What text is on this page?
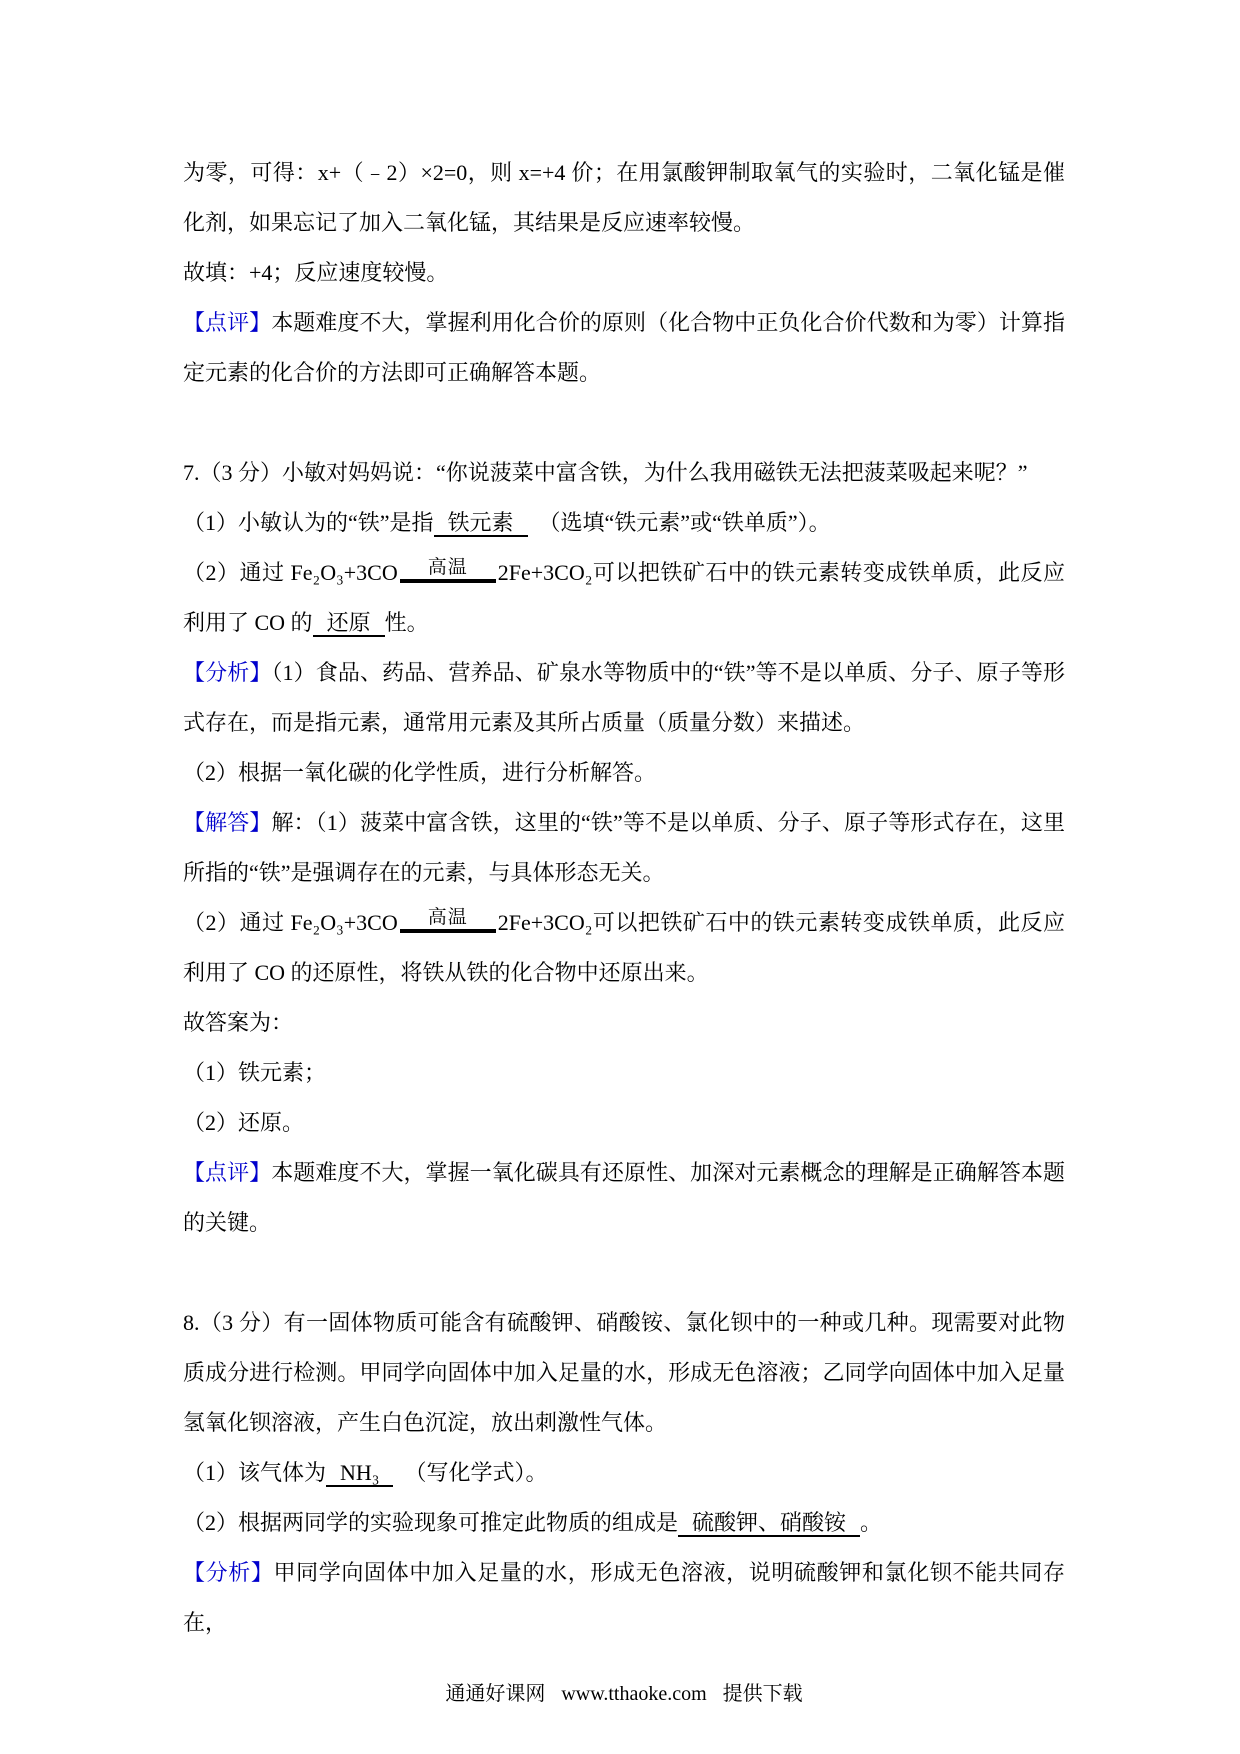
为零，可得：x+（﹣2）×2=0，则 x=+4 价；在用氯酸钾制取氧气的实验时，二氧化锰是催化剂，如果忘记了加入二氧化锰，其结果是反应速率较慢。

故填：+4；反应速度较慢。

【点评】本题难度不大，掌握利用化合价的原则（化合物中正负化合价代数和为零）计算指定元素的化合价的方法即可正确解答本题。

7.（3 分）小敏对妈妈说：“你说菠菜中富含铁，为什么我用磁铁无法把菠菜吸起来呢？”

（1）小敏认为的“铁”是指 铁元素　（选填“铁元素”或“铁单质”）。

（2）通过 Fe₂O₃+3CO 高温 2Fe+3CO₂可以把铁矿石中的铁元素转变成铁单质，此反应利用了 CO 的 还原 性。

【分析】（1）食品、药品、营养品、矿泉水等物质中的“铁”等不是以单质、分子、原子等形式存在，而是指元素，通常用元素及其所占质量（质量分数）来描述。

（2）根据一氧化碳的化学性质，进行分析解答。

【解答】解：（1）菠菜中富含铁，这里的“铁”等不是以单质、分子、原子等形式存在，这里所指的“铁”是强调存在的元素，与具体形态无关。

（2）通过 Fe₂O₃+3CO 高温 2Fe+3CO₂可以把铁矿石中的铁元素转变成铁单质，此反应利用了 CO 的还原性，将铁从铁的化合物中还原出来。

故答案为：

（1）铁元素；

（2）还原。

【点评】本题难度不大，掌握一氧化碳具有还原性、加深对元素概念的理解是正确解答本题的关键。

8.（3 分）有一固体物质可能含有硫酸钾、硝酸铵、氯化钡中的一种或几种。现需要对此物质成分进行检测。甲同学向固体中加入足量的水，形成无色溶液；乙同学向固体中加入足量氢氧化钡溶液，产生白色沉淀，放出刺激性气体。

（1）该气体为 NH₃　（写化学式）。

（2）根据两同学的实验现象可推定此物质的组成是 硫酸钾、硝酸铵 。

【分析】甲同学向固体中加入足量的水，形成无色溶液，说明硫酸钾和氯化钡不能共同存在，

通通好课网 www.tthaoke.com 提供下载
